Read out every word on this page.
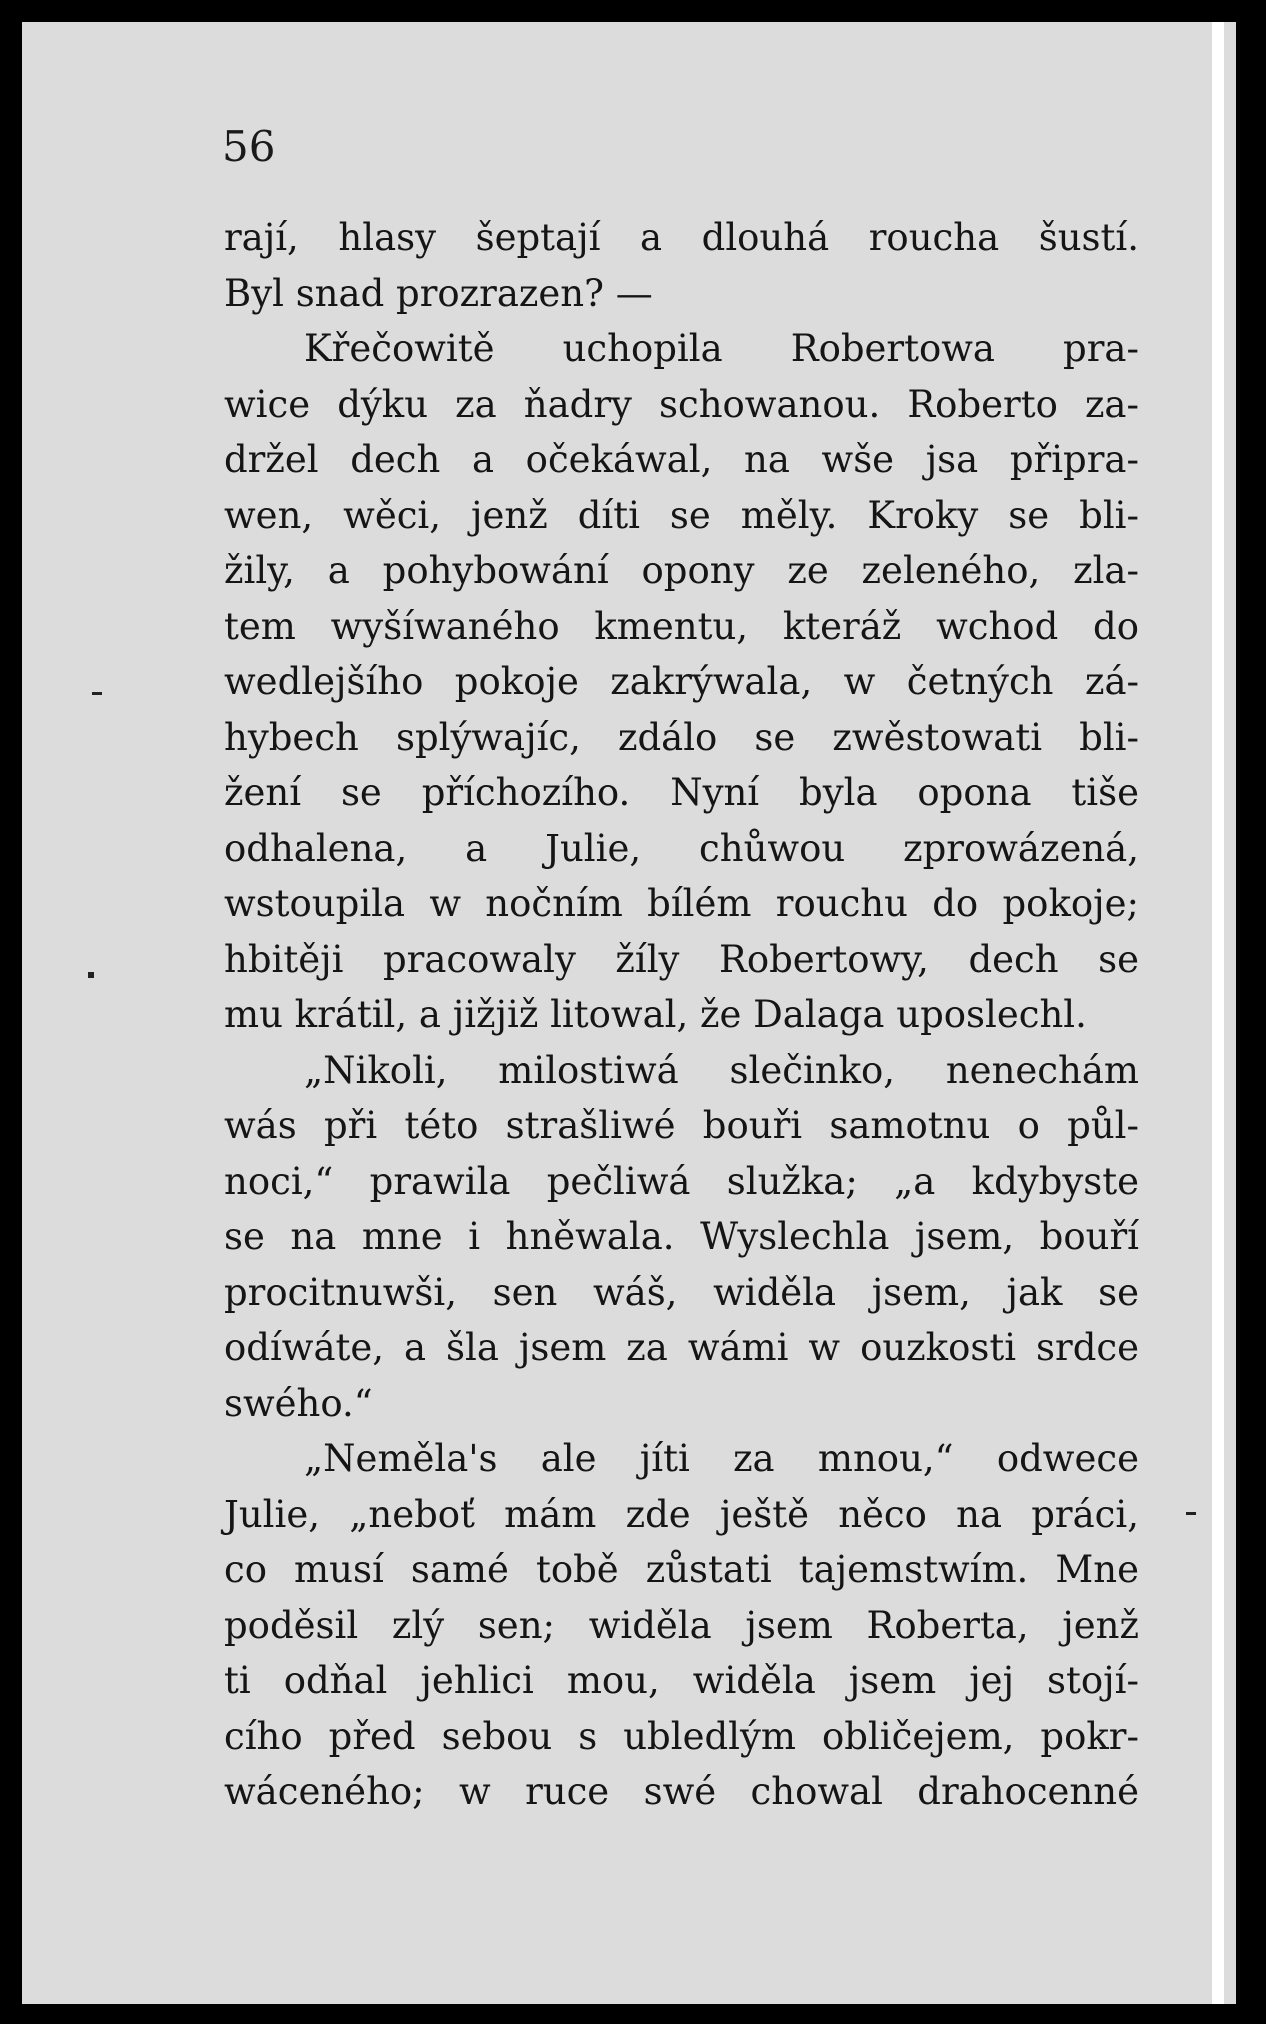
56
rají, hlasy šeptají a dlouhá roucha šustí.
Byl snad prozrazen? —
Křečowitě uchopila Robertowa pra-
wice dýku za ňadry schowanou. Roberto za-
držel dech a očekáwal, na wše jsa připrа-
wen, wěci, jenž díti se měly. Kroky se bli-
žily, a pohybowání opony ze zeleného, zla-
tem wyšíwaného kmentu, kteráž wchod do
wedlejšího pokoje zakrýwala, w četných zá-
hybech splýwajíc, zdálo se zwěstowati bli-
žení se příchozího. Nyní byla opona tiše
odhalena, a Julie, chůwou zprowázená,
wstoupila w nočním bílém rouchu do pokoje;
hbitěji pracowaly žíly Robertowy, dech se
mu krátil, a jižjiž litowal, že Dalaga uposlechl.
„Nikoli, milostiwá slečinko, nenechám
wás při této strašliwé bouři samotnu o půl-
noci,“ prawila pečliwá služka; „a kdybyste
se na mne i hněwala. Wyslechla jsem, bouří
procitnuwši, sen wáš, widěla jsem, jak se
odíwáte, a šla jsem za wámi w ouzkosti srdce
swého.“
„Neměla's ale jíti za mnou,“ odwece
Julie, „neboť mám zde ještě něco na práci,
co musí samé tobě zůstati tajemstwím. Mne
poděsil zlý sen; widěla jsem Roberta, jenž
ti odňal jehlici mou, widěla jsem jej stojí-
cího před sebou s ubledlým obličejem, pokr-
wáceného; w ruce swé chowal drahocenné
